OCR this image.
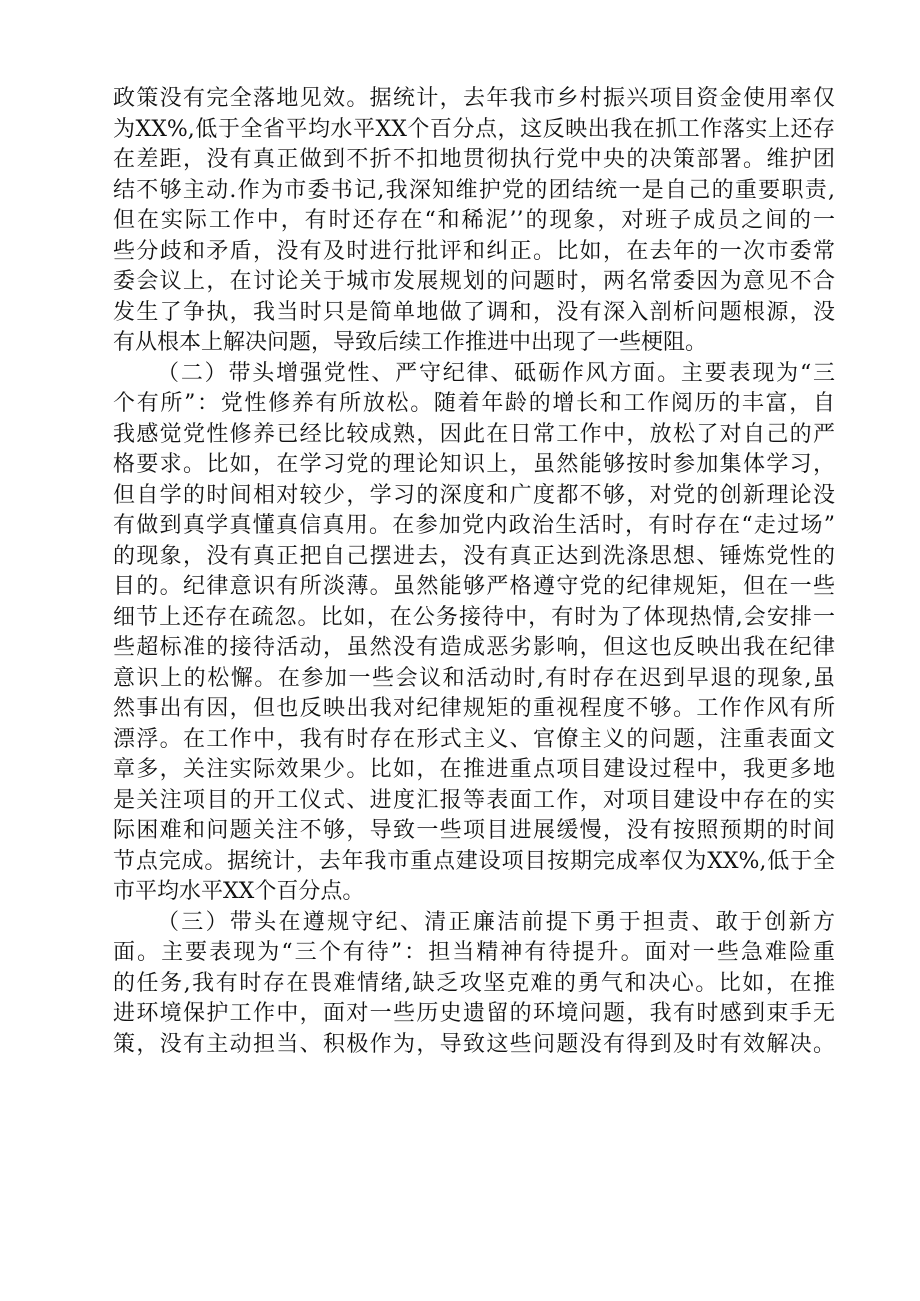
政策没有完全落地见效。据统计，去年我市乡村振兴项目资金使用率仅
为XX%,低于全省平均水平XX个百分点，这反映出我在抓工作落实上还存
在差距，没有真正做到不折不扣地贯彻执行党中央的决策部署。维护团
结不够主动.作为市委书记,我深知维护党的团结统一是自己的重要职责,
但在实际工作中，有时还存在“和稀泥’’的现象，对班子成员之间的一
些分歧和矛盾，没有及时进行批评和纠正。比如，在去年的一次市委常
委会议上，在讨论关于城市发展规划的问题时，两名常委因为意见不合
发生了争执，我当时只是简单地做了调和，没有深入剖析问题根源，没
有从根本上解决问题，导致后续工作推进中出现了一些梗阻。

（二）带头增强党性、严守纪律、砥砺作风方面。主要表现为“三
个有所”：党性修养有所放松。随着年龄的增长和工作阅历的丰富，自
我感觉党性修养已经比较成熟，因此在日常工作中，放松了对自己的严
格要求。比如，在学习党的理论知识上，虽然能够按时参加集体学习，
但自学的时间相对较少，学习的深度和广度都不够，对党的创新理论没
有做到真学真懂真信真用。在参加党内政治生活时，有时存在“走过场”
的现象，没有真正把自己摆进去，没有真正达到洗涤思想、锤炼党性的
目的。纪律意识有所淡薄。虽然能够严格遵守党的纪律规矩，但在一些
细节上还存在疏忽。比如，在公务接待中，有时为了体现热情,会安排一
些超标准的接待活动，虽然没有造成恶劣影响，但这也反映出我在纪律
意识上的松懈。在参加一些会议和活动时,有时存在迟到早退的现象,虽
然事出有因，但也反映出我对纪律规矩的重视程度不够。工作作风有所
漂浮。在工作中，我有时存在形式主义、官僚主义的问题，注重表面文
章多，关注实际效果少。比如，在推进重点项目建设过程中，我更多地
是关注项目的开工仪式、进度汇报等表面工作，对项目建设中存在的实
际困难和问题关注不够，导致一些项目进展缓慢，没有按照预期的时间
节点完成。据统计，去年我市重点建设项目按期完成率仅为XX%,低于全
市平均水平XX个百分点。

（三）带头在遵规守纪、清正廉洁前提下勇于担责、敢于创新方
面。主要表现为“三个有待”：担当精神有待提升。面对一些急难险重
的任务,我有时存在畏难情绪,缺乏攻坚克难的勇气和决心。比如，在推
进环境保护工作中，面对一些历史遗留的环境问题，我有时感到束手无
策，没有主动担当、积极作为，导致这些问题没有得到及时有效解决。
